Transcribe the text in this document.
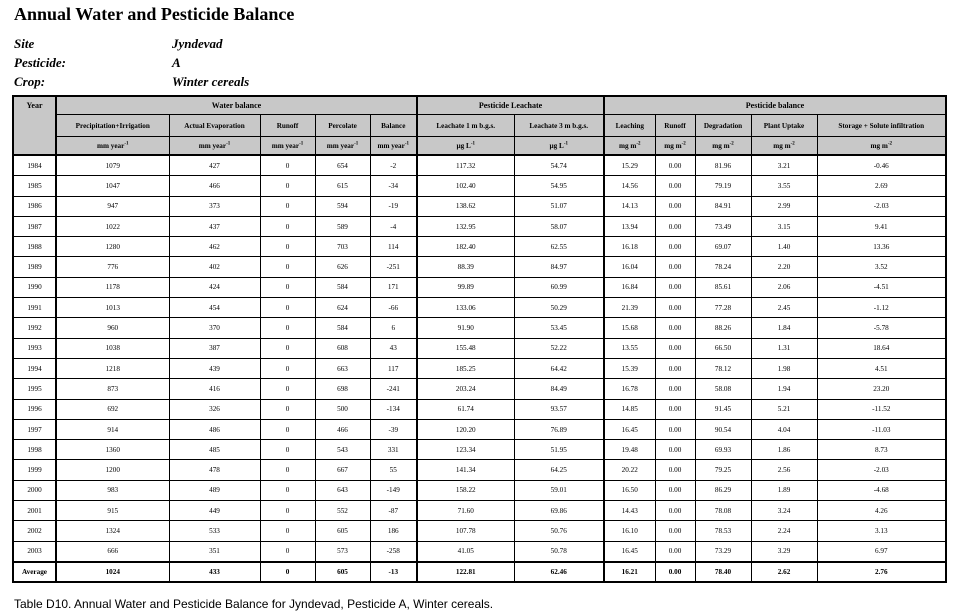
Annual Water and Pesticide Balance
Site	Jyndevad
Pesticide:	A
Crop:	Winter cereals
Year	Water balance					Pesticide Leachate		Pesticide balance				
	Precipitation+Irrigation	Actual Evaporation	Runoff	Percolate	Balance	Leachate 1 m b.g.s.	Leachate 3 m b.g.s.	Leaching	Runoff	Degradation	Plant Uptake	Storage + Solute infiltration
	mm year$^{-1}$	mm year$^{-1}$	mm year$^{-1}$	mm year$^{-1}$	mm year$^{-1}$	µg $L^{-1}$	µg $L^{-1}$	mg $m^{-2}$	mg $m^{-2}$	mg $m^{-2}$	mg $m^{-2}$	mg $m^{-2}$
1984	1079	427	0	654	-2	117.32	54.74	15.29	0.00	81.96	3.21	-0.46
1985	1047	466	0	615	-34	102.40	54.95	14.56	0.00	79.19	3.55	2.69
1986	947	373	0	594	-19	138.62	51.07	14.13	0.00	84.91	2.99	-2.03
1987	1022	437	0	589	-4	132.95	58.07	13.94	0.00	73.49	3.15	9.41
1988	1280	462	0	703	114	182.40	62.55	16.18	0.00	69.07	1.40	13.36
1989	776	402	0	626	-251	88.39	84.97	16.04	0.00	78.24	2.20	3.52
1990	1178	424	0	584	171	99.89	60.99	16.84	0.00	85.61	2.06	-4.51
1991	1013	454	0	624	-66	133.06	50.29	21.39	0.00	77.28	2.45	-1.12
1992	960	370	0	584	6	91.90	53.45	15.68	0.00	88.26	1.84	-5.78
1993	1038	387	0	608	43	155.48	52.22	13.55	0.00	66.50	1.31	18.64
1994	1218	439	0	663	117	185.25	64.42	15.39	0.00	78.12	1.98	4.51
1995	873	416	0	698	-241	203.24	84.49	16.78	0.00	58.08	1.94	23.20
1996	692	326	0	500	-134	61.74	93.57	14.85	0.00	91.45	5.21	-11.52
1997	914	486	0	466	-39	120.20	76.89	16.45	0.00	90.54	4.04	-11.03
1998	1360	485	0	543	331	123.34	51.95	19.48	0.00	69.93	1.86	8.73
1999	1200	478	0	667	55	141.34	64.25	20.22	0.00	79.25	2.56	-2.03
2000	983	489	0	643	-149	158.22	59.01	16.50	0.00	86.29	1.89	-4.68
2001	915	449	0	552	-87	71.60	69.86	14.43	0.00	78.08	3.24	4.26
2002	1324	533	0	605	186	107.78	50.76	16.10	0.00	78.53	2.24	3.13
2003	666	351	0	573	-258	41.05	50.78	16.45	0.00	73.29	3.29	6.97
Average	1024	433	0	605	-13	122.81	62.46	16.21	0.00	78.40	2.62	2.76
Table D10. Annual Water and Pesticide Balance for Jyndevad, Pesticide A, Winter cereals.
